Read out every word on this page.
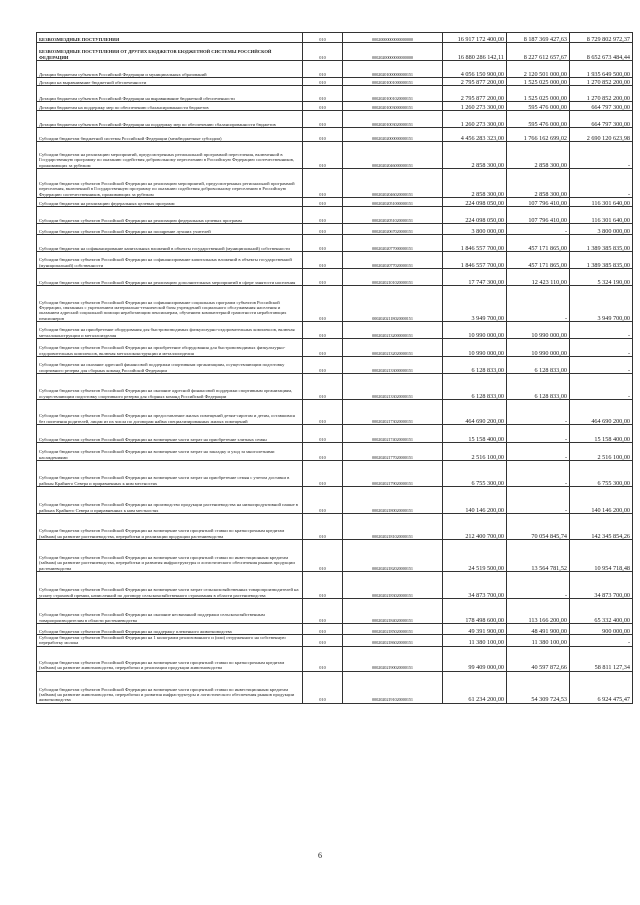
БЕЗВОЗМЕЗДНЫЕ ПОСТУПЛЕНИЯ	010	00020000000000000000	16 917 172 400,00	8 187 369 427,63	8 729 802 972,37
БЕЗВОЗМЕЗДНЫЕ ПОСТУПЛЕНИЯ ОТ ДРУГИХ БЮДЖЕТОВ БЮДЖЕТНОЙ СИСТЕМЫ РОССИЙСКОЙ ФЕДЕРАЦИИ	010	00020200000000000000	16 880 286 142,11	8 227 612 657,67	8 652 673 484,44
Дотации бюджетам субъектов Российской Федерации и муниципальных образований	010	00020201000000000151	4 056 150 900,00	2 120 501 000,00	1 935 649 500,00
Дотации на выравнивание бюджетной обеспеченности	010	00020201001000000151	2 795 877 200,00	1 525 025 000,00	1 270 852 200,00
Дотации бюджетам субъектов Российской Федерации на выравнивание бюджетной обеспеченности	010	00020201001020000151	2 795 877 200,00	1 525 025 000,00	1 270 852 200,00
Дотации бюджетам на поддержку мер по обеспечению сбалансированности бюджетов	010	00020201003000000151	1 260 273 300,00	595 476 000,00	664 797 300,00
Дотации бюджетам субъектов Российской Федерации на поддержку мер по обеспечению сбалансированности бюджетов	010	00020201003020000151	1 260 273 300,00	595 476 000,00	664 797 300,00
Субсидии бюджетам бюджетной системы Российской Федерации (межбюджетные субсидии)	010	00020202000000000151	4 456 283 323,00	1 766 162 699,02	2 690 120 623,98
Субсидии бюджетам на реализацию мероприятий, предусмотренных региональной программой переселения, включенной в Государственную программу по оказанию содействия добровольному переселению в Российскую Федерацию соотечественников, проживающих за рубежом	010	00020202046000000151	2 858 300,00	2 858 300,00	-
Субсидии бюджетам субъектов Российской Федерации на реализацию мероприятий, предусмотренных региональной программой переселения, включенной в Государственную программу по оказанию содействия добровольному переселению в Российскую Федерацию соотечественников, проживающих за рубежом	010	00020202046020000151	2 858 300,00	2 858 300,00	-
Субсидии бюджетам на реализацию федеральных целевых программ	010	00020202051000000151	224 098 050,00	107 796 410,00	116 301 640,00
Субсидии бюджетам субъектов Российской Федерации на реализацию федеральных целевых программ	010	00020202051020000151	224 098 050,00	107 796 410,00	116 301 640,00
Субсидии бюджетам субъектов Российской Федерации на поощрение лучших учителей	010	00020202067020000151	3 800 000,00	-	3 800 000,00
Субсидии бюджетам на софинансирование капитальных вложений в объекты государственной (муниципальной) собственности	010	00020202077000000151	1 846 557 700,00	457 171 865,00	1 389 385 835,00
Субсидии бюджетам субъектов Российской Федерации на софинансирование капитальных вложений в объекты государственной (муниципальной) собственности	010	00020202077020000151	1 846 557 700,00	457 171 865,00	1 389 385 835,00
Субсидии бюджетам субъектов Российской Федерации на реализацию дополнительных мероприятий в сфере занятости населения	010	00020202101020000151	17 747 300,00	12 423 110,00	5 324 190,00
Субсидии бюджетам субъектов Российской Федерации на софинансирование социальных программ субъектов Российской Федерации, связанных с укреплением материально-технической базы учреждений социального обслуживания населения и оказанием адресной социальной помощи неработающим пенсионерам, обучением компьютерной грамотности неработающих пенсионеров	010	00020202118020000151	3 949 700,00	-	3 949 700,00
Субсидии бюджетам на приобретение оборудования для быстровозводимых физкультурно-оздоровительных комплексов, включая металлоконструкции и металлоизделия	010	00020202132000000151	10 990 000,00	10 990 000,00	-
Субсидии бюджетам субъектов Российской Федерации на приобретение оборудования для быстровозводимых физкультурно-оздоровительных комплексов, включая металлоконструкции и металлоизделия	010	00020202132020000151	10 990 000,00	10 990 000,00	-
Субсидии бюджетам на оказание адресной финансовой поддержки спортивным организациям, осуществляющим подготовку спортивного резерва для сборных команд Российской Федерации	010	00020202133000000151	6 128 833,00	6 128 833,00	-
Субсидии бюджетам субъектов Российской Федерации на оказание адресной финансовой поддержки спортивным организациям, осуществляющим подготовку спортивного резерва для сборных команд Российской Федерации	010	00020202133020000151	6 128 833,00	6 128 833,00	-
Субсидии бюджетам субъектов Российской Федерации на предоставление жилых помещений детям-сиротам и детям, оставшимся без попечения родителей, лицам из их числа по договорам найма специализированных жилых помещений	010	00020202173020000151	464 690 200,00	-	464 690 200,00
Субсидии бюджетам субъектов Российской Федерации на возмещение части затрат на приобретение элитных семян	010	00020202174020000151	15 158 400,00	-	15 158 400,00
Субсидии бюджетам субъектов Российской Федерации на возмещение части затрат на закладку и уход за многолетними насаждениями	010	00020202177020000151	2 516 100,00	-	2 516 100,00
Субсидии бюджетам субъектов Российской Федерации на возмещение части затрат на приобретение семян с учетом доставки в районы Крайнего Севера и приравненных к ним местностях	010	00020202179020000151	6 755 300,00	-	6 755 300,00
Субсидии бюджетам субъектов Российской Федерации на производство продукции растениеводства на низкопродуктивной пашне в районах Крайнего Севера и приравненных к ним местностях	010	00020202180020000151	140 146 200,00	-	140 146 200,00
Субсидии бюджетам субъектов Российской Федерации на возмещение части процентной ставки по краткосрочным кредитам (займам) на развитие растениеводства, переработки и реализации продукции растениеводства	010	00020202181020000151	212 400 700,00	70 054 845,74	142 345 854,26
Субсидии бюджетам субъектов Российской Федерации на возмещение части процентной ставки по инвестиционным кредитам (займам) на развитие растениеводства, переработки и развития инфраструктуры и логистического обеспечения рынков продукции растениеводства	010	00020202182020000151	24 519 500,00	13 564 781,52	10 954 718,48
Субсидии бюджетам субъектов Российской Федерации на возмещение части затрат сельскохозяйственных товаропроизводителей на уплату страховой премии, начисленной по договору сельскохозяйственного страхования в области растениеводства	010	00020202183020000151	34 873 700,00	-	34 873 700,00
Субсидии бюджетам субъектов Российской Федерации на оказание несвязанной поддержки сельскохозяйственным товаропроизводителям в области растениеводства	010	00020202184020000151	178 498 600,00	113 166 200,00	65 332 400,00
Субсидии бюджетам субъектов Российской Федерации на поддержку племенного животноводства	010	00020202185020000151	49 391 900,00	48 491 900,00	900 000,00
Субсидии бюджетам субъектов Российской Федерации на 1 килограмм реализованного и (или) отгруженного на собственную переработку молока	010	00020202186020000151	11 380 100,00	11 380 100,00	-
Субсидии бюджетам субъектов Российской Федерации на возмещение части процентной ставки по краткосрочным кредитам (займам) на развитие животноводства, переработки и реализации продукции животноводства	010	00020202190020000151	99 409 000,00	40 597 872,66	58 811 127,34
Субсидии бюджетам субъектов Российской Федерации на возмещение части процентной ставки по инвестиционным кредитам (займам) на развитие животноводства, переработки и развития инфраструктуры и логистического обеспечения рынков продукции животноводства	010	00020202191020000151	61 234 200,00	54 309 724,53	6 924 475,47
6
